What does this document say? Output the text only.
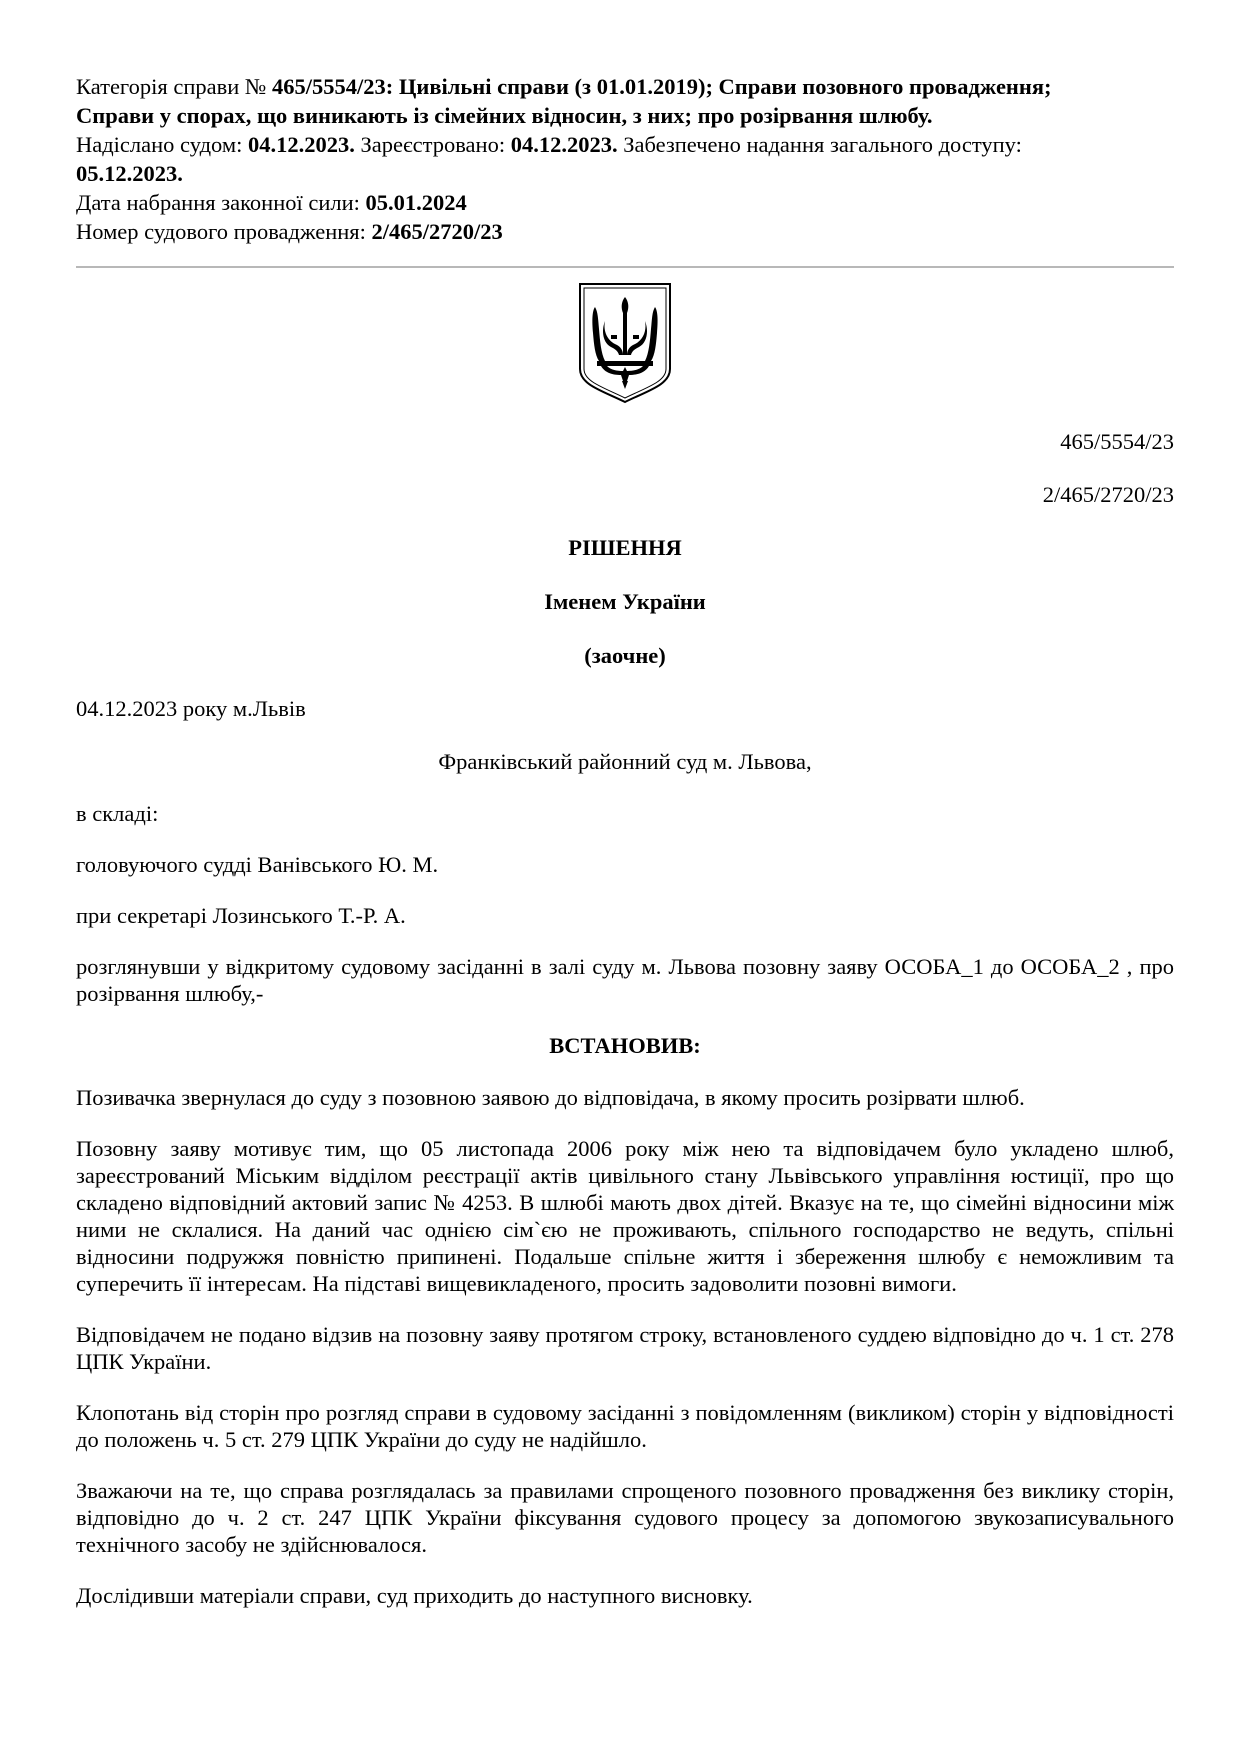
Категорія справи № 465/5554/23: Цивільні справи (з 01.01.2019); Справи позовного провадження;

Справи у спорах, що виникають із сімейних відносин, з них; про розірвання шлюбу.

Надіслано судом: 04.12.2023. Зареєстровано: 04.12.2023. Забезпечено надання загального доступу:

05.12.2023.

Дата набрання законної сили: 05.01.2024

Номер судового провадження: 2/465/2720/23

465/5554/23

2/465/2720/23

РІШЕННЯ

Іменем України

(заочне)

04.12.2023 року м.Львів

Франківський районний суд м. Львова,

в складі:

головуючого судді Ванівського Ю. М.

при секретарі Лозинського Т.-Р. А.

розглянувши у відкритому судовому засіданні в залі суду м. Львова позовну заяву ОСОБА_1 до ОСОБА_2 , про розірвання шлюбу,-

ВСТАНОВИВ:

Позивачка звернулася до суду з позовною заявою до відповідача, в якому просить розірвати шлюб.

Позовну заяву мотивує тим, що 05 листопада 2006 року між нею та відповідачем було укладено шлюб, зареєстрований Міським відділом реєстрації актів цивільного стану Львівського управління юстиції, про що складено відповідний актовий запис № 4253. В шлюбі мають двох дітей. Вказує на те, що сімейні відносини між ними не склалися. На даний час однією сім`єю не проживають, спільного господарство не ведуть, спільні відносини подружжя повністю припинені. Подальше спільне життя і збереження шлюбу є неможливим та суперечить її інтересам. На підставі вищевикладеного, просить задоволити позовні вимоги.

Відповідачем не подано відзив на позовну заяву протягом строку, встановленого суддею відповідно до ч. 1 ст. 278 ЦПК України.

Клопотань від сторін про розгляд справи в судовому засіданні з повідомленням (викликом) сторін у відповідності до положень ч. 5 ст. 279 ЦПК України до суду не надійшло.

Зважаючи на те, що справа розглядалась за правилами спрощеного позовного провадження без виклику сторін, відповідно до ч. 2 ст. 247 ЦПК України фіксування судового процесу за допомогою звукозаписувального технічного засобу не здійснювалося.

Дослідивши матеріали справи, суд приходить до наступного висновку.
